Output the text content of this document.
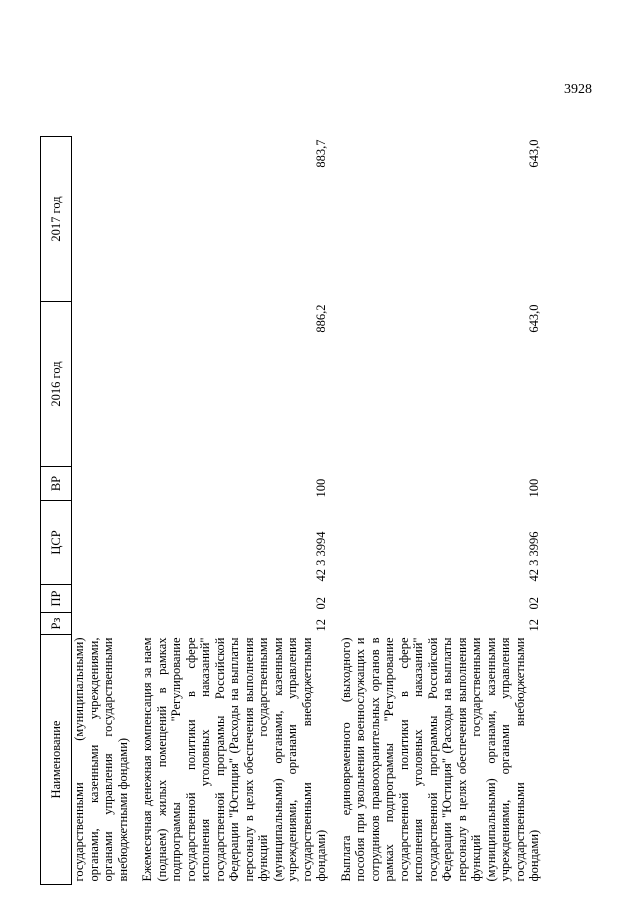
3928
Наименование	Рз	ПР	ЦСР	ВР	2016 год	2017 год
государственными (муниципальными) органами, казенными учреждениями, органами управления государственными внебюджетными фондами)						

Ежемесячная денежная компенсация за наем (поднаем) жилых помещений в рамках подпрограммы "Регулирование государственной политики в сфере исполнения уголовных наказаний" государственной программы Российской Федерации "Юстиция" (Расходы на выплаты персоналу в целях обеспечения выполнения функций государственными (муниципальными) органами, казенными учреждениями, органами управления государственными внебюджетными фондами)	12	02	42 3 3994	100	886,2	883,7

Выплата единовременного (выходного) пособия при увольнении военнослужащих и сотрудников правоохранительных органов в рамках подпрограммы "Регулирование государственной политики в сфере исполнения уголовных наказаний" государственной программы Российской Федерации "Юстиция" (Расходы на выплаты персоналу в целях обеспечения выполнения функций государственными (муниципальными) органами, казенными учреждениями, органами управления государственными внебюджетными фондами)	12	02	42 3 3996	100	643,0	643,0
